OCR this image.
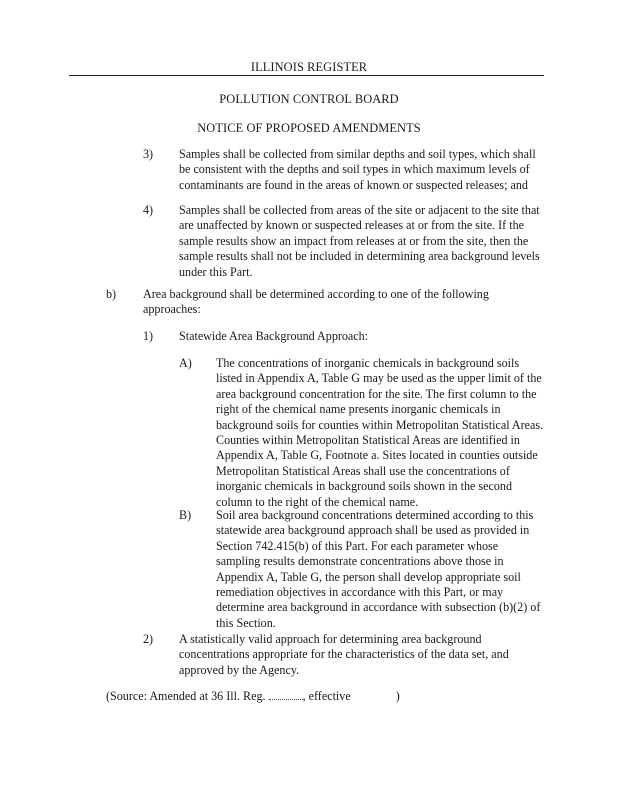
ILLINOIS REGISTER
POLLUTION CONTROL BOARD
NOTICE OF PROPOSED AMENDMENTS
3) Samples shall be collected from similar depths and soil types, which shall be consistent with the depths and soil types in which maximum levels of contaminants are found in the areas of known or suspected releases; and

4) Samples shall be collected from areas of the site or adjacent to the site that are unaffected by known or suspected releases at or from the site. If the sample results show an impact from releases at or from the site, then the sample results shall not be included in determining area background levels under this Part.

b) Area background shall be determined according to one of the following approaches:

1) Statewide Area Background Approach:

A) The concentrations of inorganic chemicals in background soils listed in Appendix A, Table G may be used as the upper limit of the area background concentration for the site. The first column to the right of the chemical name presents inorganic chemicals in background soils for counties within Metropolitan Statistical Areas. Counties within Metropolitan Statistical Areas are identified in Appendix A, Table G, Footnote a. Sites located in counties outside Metropolitan Statistical Areas shall use the concentrations of inorganic chemicals in background soils shown in the second column to the right of the chemical name.

B) Soil area background concentrations determined according to this statewide area background approach shall be used as provided in Section 742.415(b) of this Part. For each parameter whose sampling results demonstrate concentrations above those in Appendix A, Table G, the person shall develop appropriate soil remediation objectives in accordance with this Part, or may determine area background in accordance with subsection (b)(2) of this Section.

2) A statistically valid approach for determining area background concentrations appropriate for the characteristics of the data set, and approved by the Agency.

(Source: Amended at 36 Ill. Reg.	, effective	)
